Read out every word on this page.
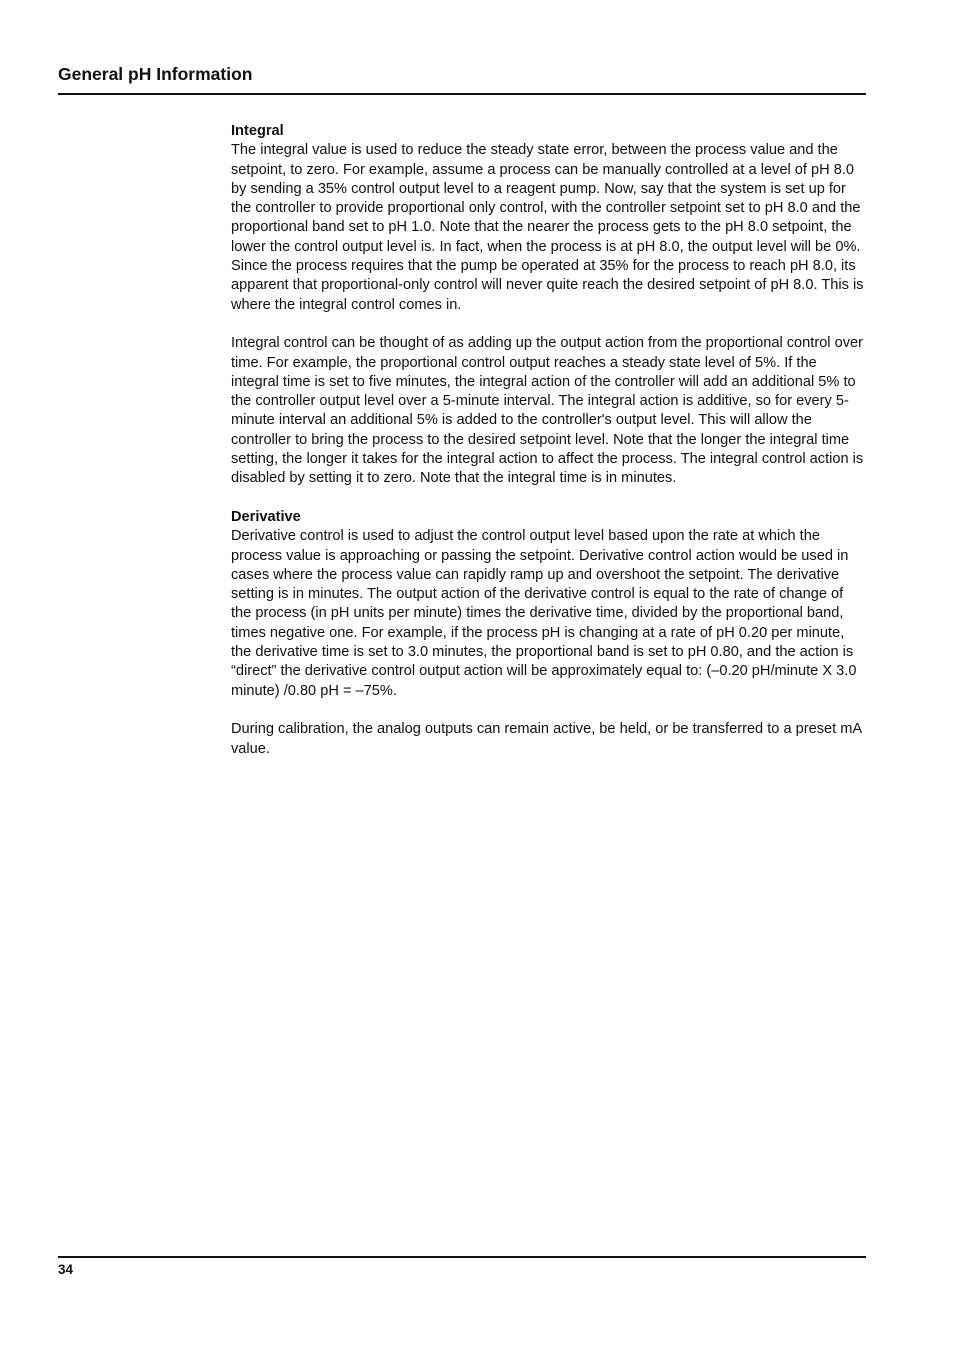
General pH Information
Integral

The integral value is used to reduce the steady state error, between the process value and the setpoint, to zero. For example, assume a process can be manually controlled at a level of pH 8.0 by sending a 35% control output level to a reagent pump. Now, say that the system is set up for the controller to provide proportional only control, with the controller setpoint set to pH 8.0 and the proportional band set to pH 1.0. Note that the nearer the process gets to the pH 8.0 setpoint, the lower the control output level is. In fact, when the process is at pH 8.0, the output level will be 0%. Since the process requires that the pump be operated at 35% for the process to reach pH 8.0, its apparent that proportional-only control will never quite reach the desired setpoint of pH 8.0. This is where the integral control comes in.

Integral control can be thought of as adding up the output action from the proportional control over time. For example, the proportional control output reaches a steady state level of 5%. If the integral time is set to five minutes, the integral action of the controller will add an additional 5% to the controller output level over a 5-minute interval. The integral action is additive, so for every 5-minute interval an additional 5% is added to the controller's output level. This will allow the controller to bring the process to the desired setpoint level. Note that the longer the integral time setting, the longer it takes for the integral action to affect the process. The integral control action is disabled by setting it to zero. Note that the integral time is in minutes.

Derivative

Derivative control is used to adjust the control output level based upon the rate at which the process value is approaching or passing the setpoint. Derivative control action would be used in cases where the process value can rapidly ramp up and overshoot the setpoint. The derivative setting is in minutes. The output action of the derivative control is equal to the rate of change of the process (in pH units per minute) times the derivative time, divided by the proportional band, times negative one. For example, if the process pH is changing at a rate of pH 0.20 per minute, the derivative time is set to 3.0 minutes, the proportional band is set to pH 0.80, and the action is “direct” the derivative control output action will be approximately equal to: (–0.20 pH/minute X 3.0 minute) /0.80 pH = –75%.

During calibration, the analog outputs can remain active, be held, or be transferred to a preset mA value.

34
